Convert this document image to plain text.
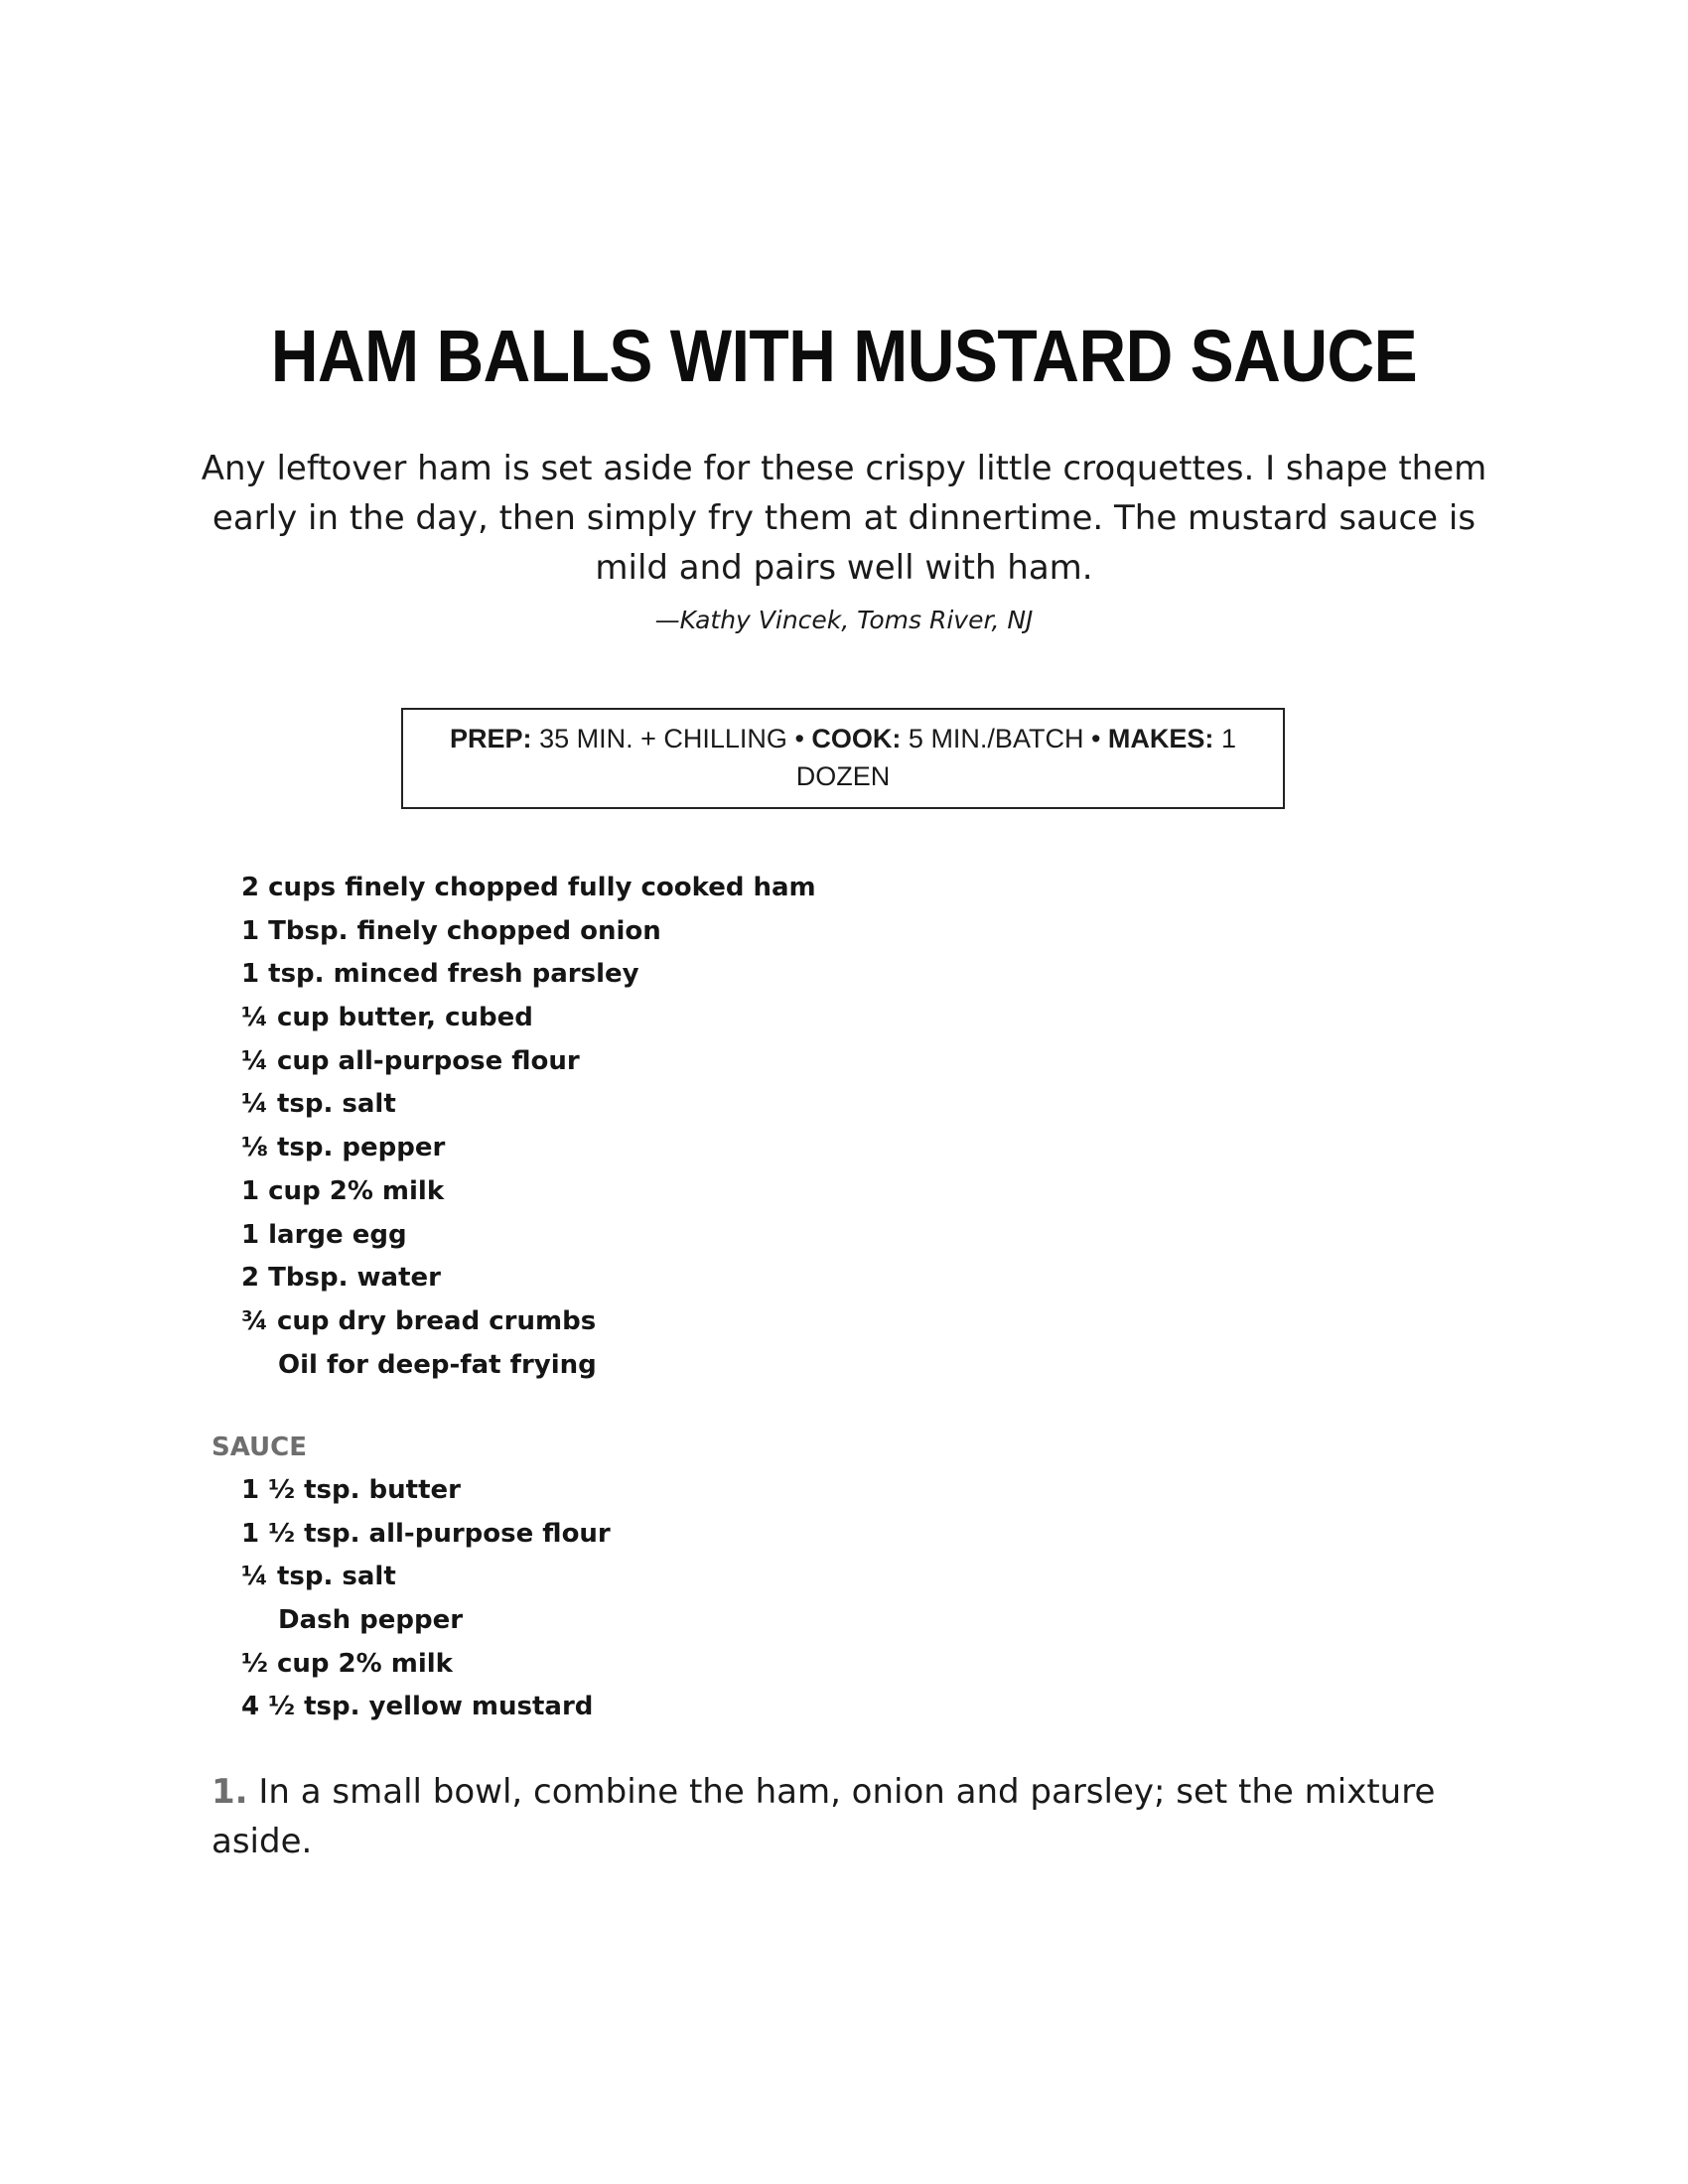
HAM BALLS WITH MUSTARD SAUCE

Any leftover ham is set aside for these crispy little croquettes. I shape them early in the day, then simply fry them at dinnertime. The mustard sauce is mild and pairs well with ham.

—Kathy Vincek, Toms River, NJ

PREP: 35 MIN. + CHILLING • COOK: 5 MIN./BATCH • MAKES: 1 DOZEN
2 cups finely chopped fully cooked ham
1 Tbsp. finely chopped onion
1 tsp. minced fresh parsley
¼ cup butter, cubed
¼ cup all-purpose flour
¼ tsp. salt
⅛ tsp. pepper
1 cup 2% milk
1 large egg
2 Tbsp. water
¾ cup dry bread crumbs
Oil for deep-fat frying
SAUCE
1 ½ tsp. butter
1 ½ tsp. all-purpose flour
¼ tsp. salt
Dash pepper
½ cup 2% milk
4 ½ tsp. yellow mustard

1. In a small bowl, combine the ham, onion and parsley; set the mixture aside.
